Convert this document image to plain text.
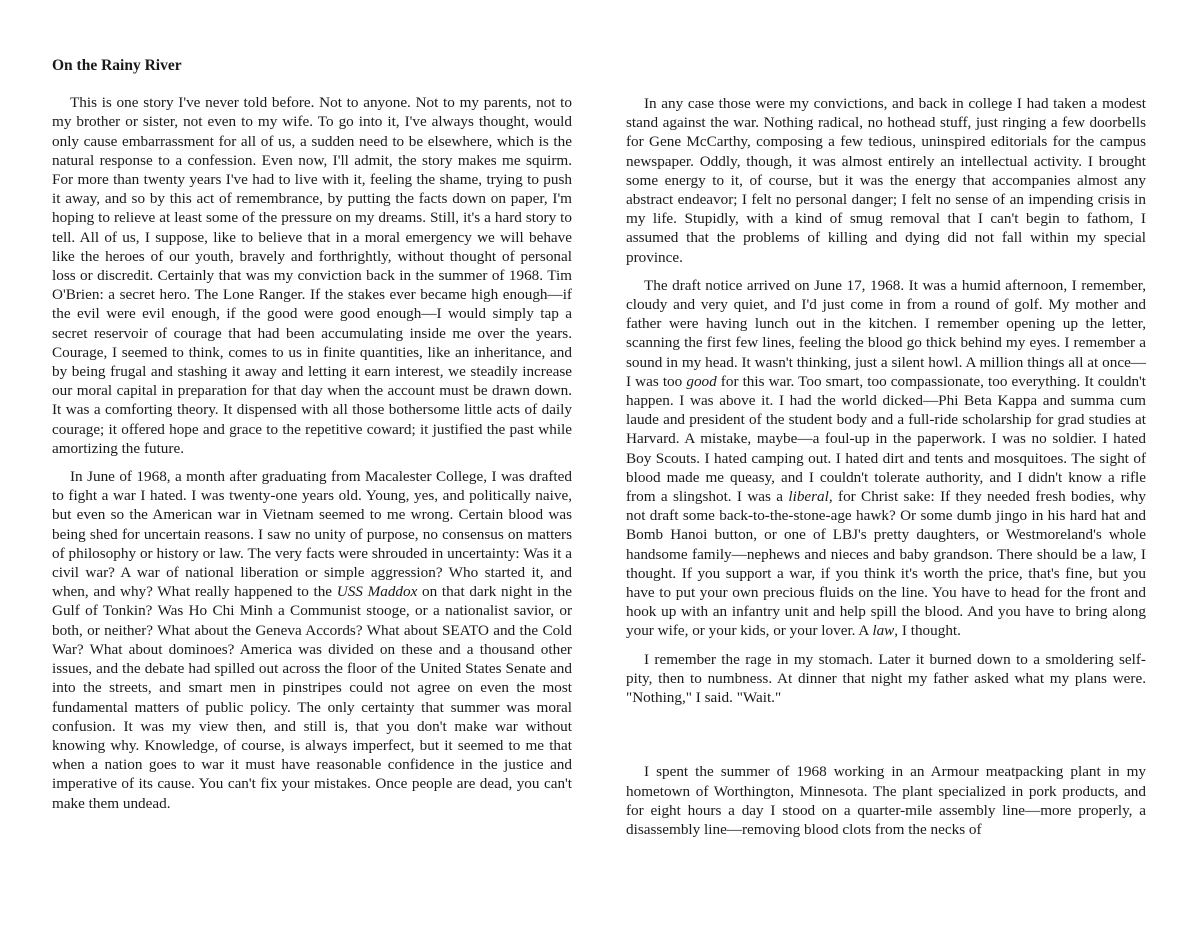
On the Rainy River

This is one story I've never told before. Not to anyone. Not to my parents, not to my brother or sister, not even to my wife. To go into it, I've always thought, would only cause embarrassment for all of us, a sudden need to be elsewhere, which is the natural response to a confession. Even now, I'll admit, the story makes me squirm. For more than twenty years I've had to live with it, feeling the shame, trying to push it away, and so by this act of remembrance, by putting the facts down on paper, I'm hoping to relieve at least some of the pressure on my dreams. Still, it's a hard story to tell. All of us, I suppose, like to believe that in a moral emergency we will behave like the heroes of our youth, bravely and forthrightly, without thought of personal loss or discredit. Certainly that was my conviction back in the summer of 1968. Tim O'Brien: a secret hero. The Lone Ranger. If the stakes ever became high enough—if the evil were evil enough, if the good were good enough—I would simply tap a secret reservoir of courage that had been accumulating inside me over the years. Courage, I seemed to think, comes to us in finite quantities, like an inheritance, and by being frugal and stashing it away and letting it earn interest, we steadily increase our moral capital in preparation for that day when the account must be drawn down. It was a comforting theory. It dispensed with all those bothersome little acts of daily courage; it offered hope and grace to the repetitive coward; it justified the past while amortizing the future.

In June of 1968, a month after graduating from Macalester College, I was drafted to fight a war I hated. I was twenty-one years old. Young, yes, and politically naive, but even so the American war in Vietnam seemed to me wrong. Certain blood was being shed for uncertain reasons. I saw no unity of purpose, no consensus on matters of philosophy or history or law. The very facts were shrouded in uncertainty: Was it a civil war? A war of national liberation or simple aggression? Who started it, and when, and why? What really happened to the USS Maddox on that dark night in the Gulf of Tonkin? Was Ho Chi Minh a Communist stooge, or a nationalist savior, or both, or neither? What about the Geneva Accords? What about SEATO and the Cold War? What about dominoes? America was divided on these and a thousand other issues, and the debate had spilled out across the floor of the United States Senate and into the streets, and smart men in pinstripes could not agree on even the most fundamental matters of public policy. The only certainty that summer was moral confusion. It was my view then, and still is, that you don't make war without knowing why. Knowledge, of course, is always imperfect, but it seemed to me that when a nation goes to war it must have reasonable confidence in the justice and imperative of its cause. You can't fix your mistakes. Once people are dead, you can't make them undead.

In any case those were my convictions, and back in college I had taken a modest stand against the war. Nothing radical, no hothead stuff, just ringing a few doorbells for Gene McCarthy, composing a few tedious, uninspired editorials for the campus newspaper. Oddly, though, it was almost entirely an intellectual activity. I brought some energy to it, of course, but it was the energy that accompanies almost any abstract endeavor; I felt no personal danger; I felt no sense of an impending crisis in my life. Stupidly, with a kind of smug removal that I can't begin to fathom, I assumed that the problems of killing and dying did not fall within my special province.

The draft notice arrived on June 17, 1968. It was a humid afternoon, I remember, cloudy and very quiet, and I'd just come in from a round of golf. My mother and father were having lunch out in the kitchen. I remember opening up the letter, scanning the first few lines, feeling the blood go thick behind my eyes. I remember a sound in my head. It wasn't thinking, just a silent howl. A million things all at once—I was too good for this war. Too smart, too compassionate, too everything. It couldn't happen. I was above it. I had the world dicked—Phi Beta Kappa and summa cum laude and president of the student body and a full-ride scholarship for grad studies at Harvard. A mistake, maybe—a foul-up in the paperwork. I was no soldier. I hated Boy Scouts. I hated camping out. I hated dirt and tents and mosquitoes. The sight of blood made me queasy, and I couldn't tolerate authority, and I didn't know a rifle from a slingshot. I was a liberal, for Christ sake: If they needed fresh bodies, why not draft some back-to-the-stone-age hawk? Or some dumb jingo in his hard hat and Bomb Hanoi button, or one of LBJ's pretty daughters, or Westmoreland's whole handsome family—nephews and nieces and baby grandson. There should be a law, I thought. If you support a war, if you think it's worth the price, that's fine, but you have to put your own precious fluids on the line. You have to head for the front and hook up with an infantry unit and help spill the blood. And you have to bring along your wife, or your kids, or your lover. A law, I thought.

I remember the rage in my stomach. Later it burned down to a smoldering self-pity, then to numbness. At dinner that night my father asked what my plans were. "Nothing," I said. "Wait."

I spent the summer of 1968 working in an Armour meatpacking plant in my hometown of Worthington, Minnesota. The plant specialized in pork products, and for eight hours a day I stood on a quarter-mile assembly line—more properly, a disassembly line—removing blood clots from the necks of
